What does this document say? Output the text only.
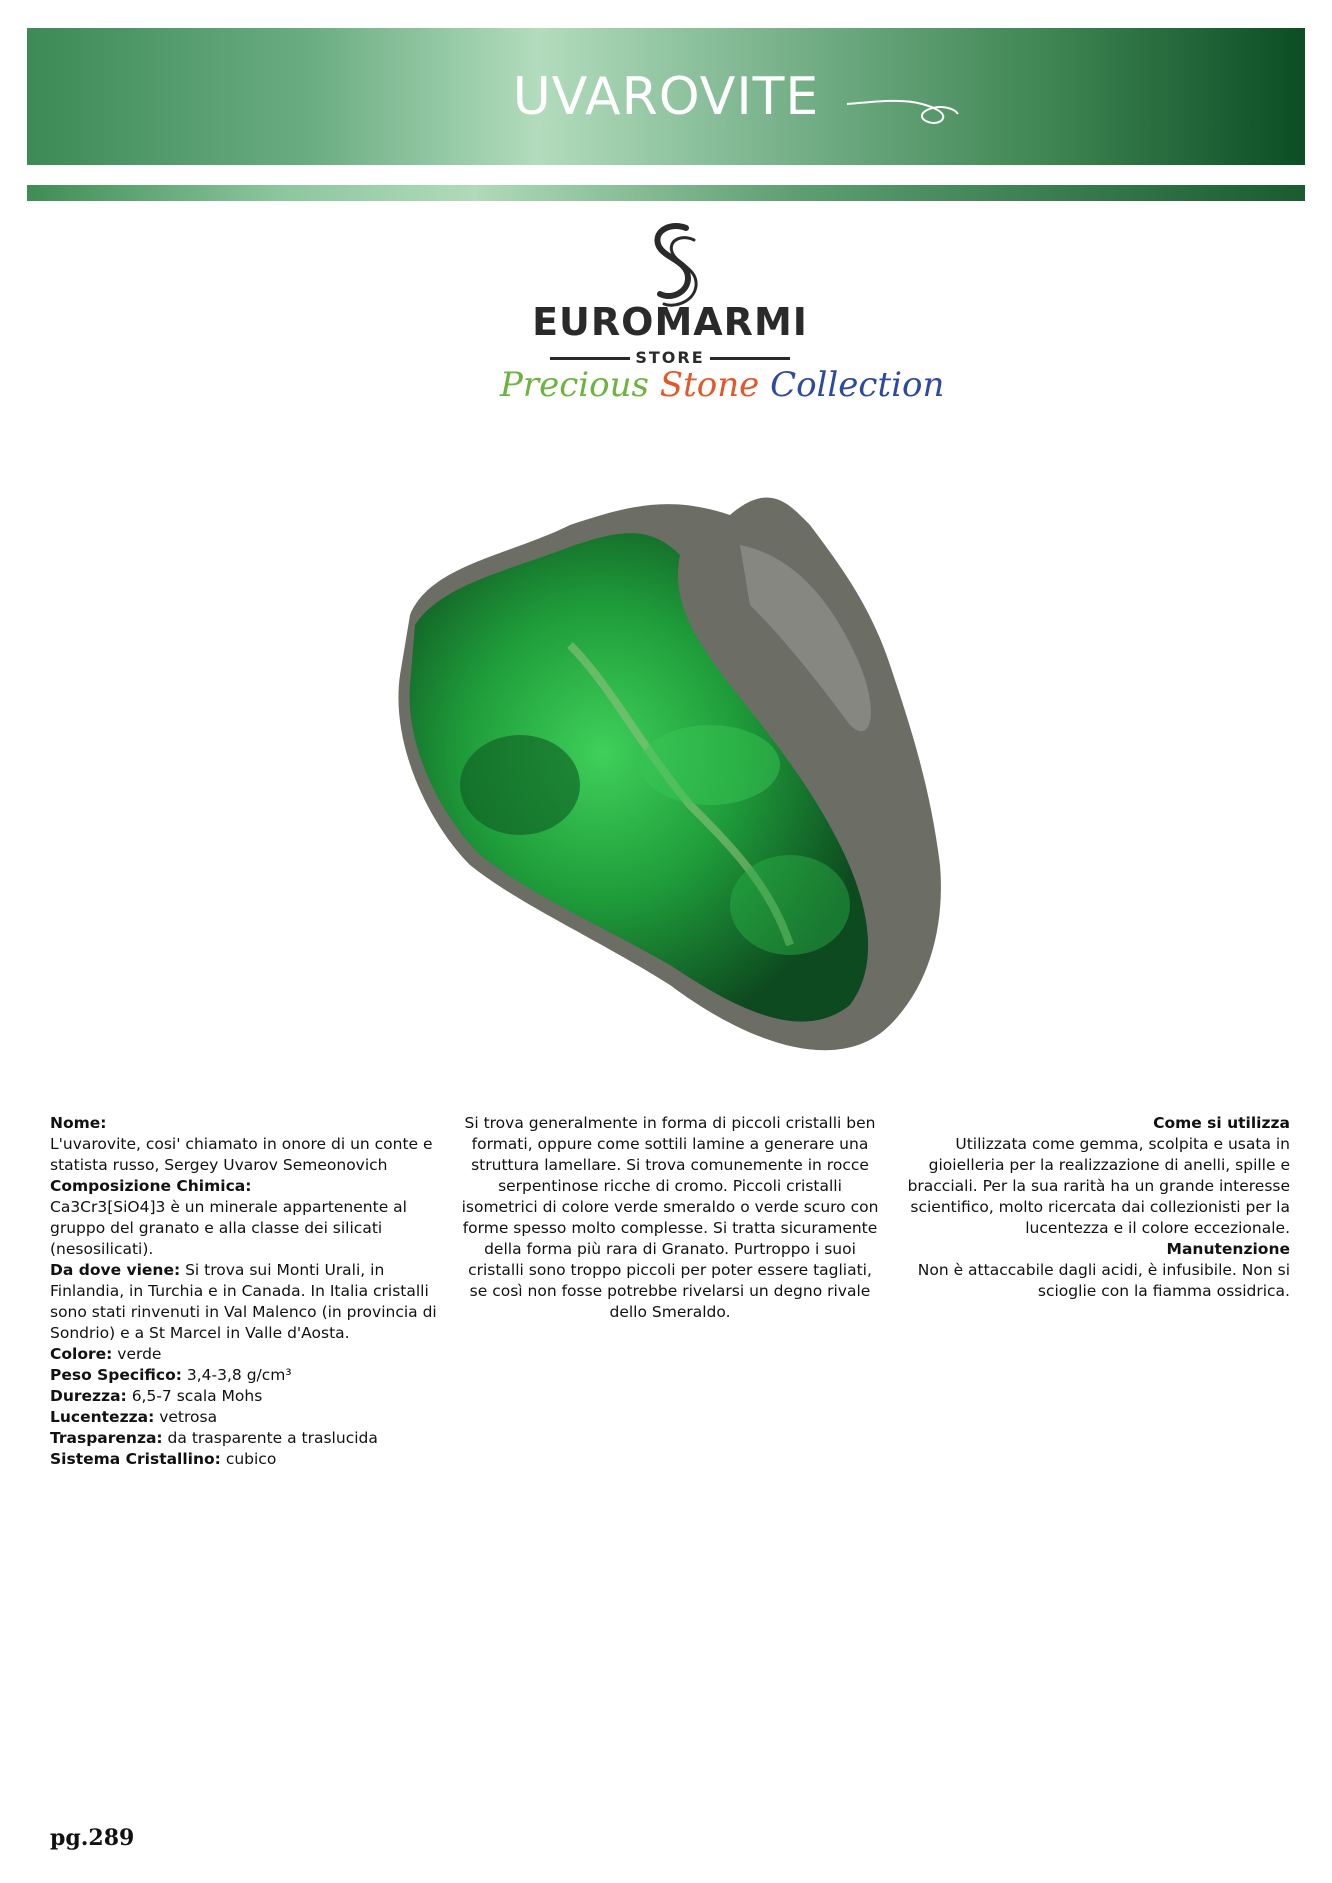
UVAROVITE
EUROMARMI
STORE
Precious Stone Collection

Nome:

L'uvarovite, cosi' chiamato in onore di un conte e statista russo, Sergey Uvarov Semeonovich

Composizione Chimica:

Ca3Cr3[SiO4]3 è un minerale appartenente al gruppo del granato e alla classe dei silicati (nesosilicati).

Da dove viene: Si trova sui Monti Urali, in Finlandia, in Turchia e in Canada. In Italia cristalli sono stati rinvenuti in Val Malenco (in provincia di Sondrio) e a St Marcel in Valle d'Aosta.

Colore: verde

Peso Specifico: 3,4-3,8 g/cm³

Durezza: 6,5-7 scala Mohs

Lucentezza: vetrosa

Trasparenza: da trasparente a traslucida

Sistema Cristallino: cubico

Si trova generalmente in forma di piccoli cristalli ben formati, oppure come sottili lamine a generare una struttura lamellare. Si trova comunemente in rocce serpentinose ricche di cromo. Piccoli cristalli isometrici di colore verde smeraldo o verde scuro con forme spesso molto complesse. Si tratta sicuramente della forma più rara di Granato. Purtroppo i suoi cristalli sono troppo piccoli per poter essere tagliati, se così non fosse potrebbe rivelarsi un degno rivale dello Smeraldo.

Come si utilizza

Utilizzata come gemma, scolpita e usata in gioielleria per la realizzazione di anelli, spille e bracciali. Per la sua rarità ha un grande interesse scientifico, molto ricercata dai collezionisti per la lucentezza e il colore eccezionale.

Manutenzione

Non è attaccabile dagli acidi, è infusibile. Non si scioglie con la fiamma ossidrica.

pg.289
